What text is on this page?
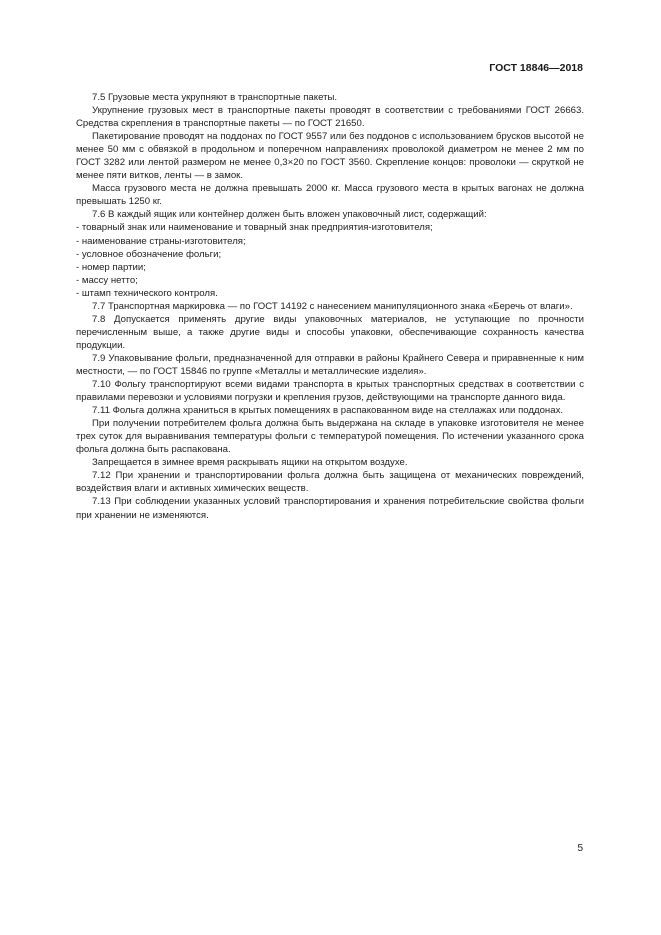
ГОСТ 18846—2018

7.5 Грузовые места укрупняют в транспортные пакеты.

Укрупнение грузовых мест в транспортные пакеты проводят в соответствии с требованиями ГОСТ 26663. Средства скрепления в транспортные пакеты — по ГОСТ 21650.

Пакетирование проводят на поддонах по ГОСТ 9557 или без поддонов с использованием брусков высотой не менее 50 мм с обвязкой в продольном и поперечном направлениях проволокой диаметром не менее 2 мм по ГОСТ 3282 или лентой размером не менее 0,3×20 по ГОСТ 3560. Скрепление концов: проволоки — скруткой не менее пяти витков, ленты — в замок.

Масса грузового места не должна превышать 2000 кг. Масса грузового места в крытых вагонах не должна превышать 1250 кг.

7.6 В каждый ящик или контейнер должен быть вложен упаковочный лист, содержащий:

- товарный знак или наименование и товарный знак предприятия-изготовителя;

- наименование страны-изготовителя;

- условное обозначение фольги;

- номер партии;

- массу нетто;

- штамп технического контроля.

7.7 Транспортная маркировка — по ГОСТ 14192 с нанесением манипуляционного знака «Беречь от влаги».

7.8 Допускается применять другие виды упаковочных материалов, не уступающие по прочности перечисленным выше, а также другие виды и способы упаковки, обеспечивающие сохранность качества продукции.

7.9 Упаковывание фольги, предназначенной для отправки в районы Крайнего Севера и приравненные к ним местности, — по ГОСТ 15846 по группе «Металлы и металлические изделия».

7.10 Фольгу транспортируют всеми видами транспорта в крытых транспортных средствах в соответствии с правилами перевозки и условиями погрузки и крепления грузов, действующими на транспорте данного вида.

7.11 Фольга должна храниться в крытых помещениях в распакованном виде на стеллажах или поддонах.

При получении потребителем фольга должна быть выдержана на складе в упаковке изготовителя не менее трех суток для выравнивания температуры фольги с температурой помещения. По истечении указанного срока фольга должна быть распакована.

Запрещается в зимнее время раскрывать ящики на открытом воздухе.

7.12 При хранении и транспортировании фольга должна быть защищена от механических повреждений, воздействия влаги и активных химических веществ.

7.13 При соблюдении указанных условий транспортирования и хранения потребительские свойства фольги при хранении не изменяются.

5
